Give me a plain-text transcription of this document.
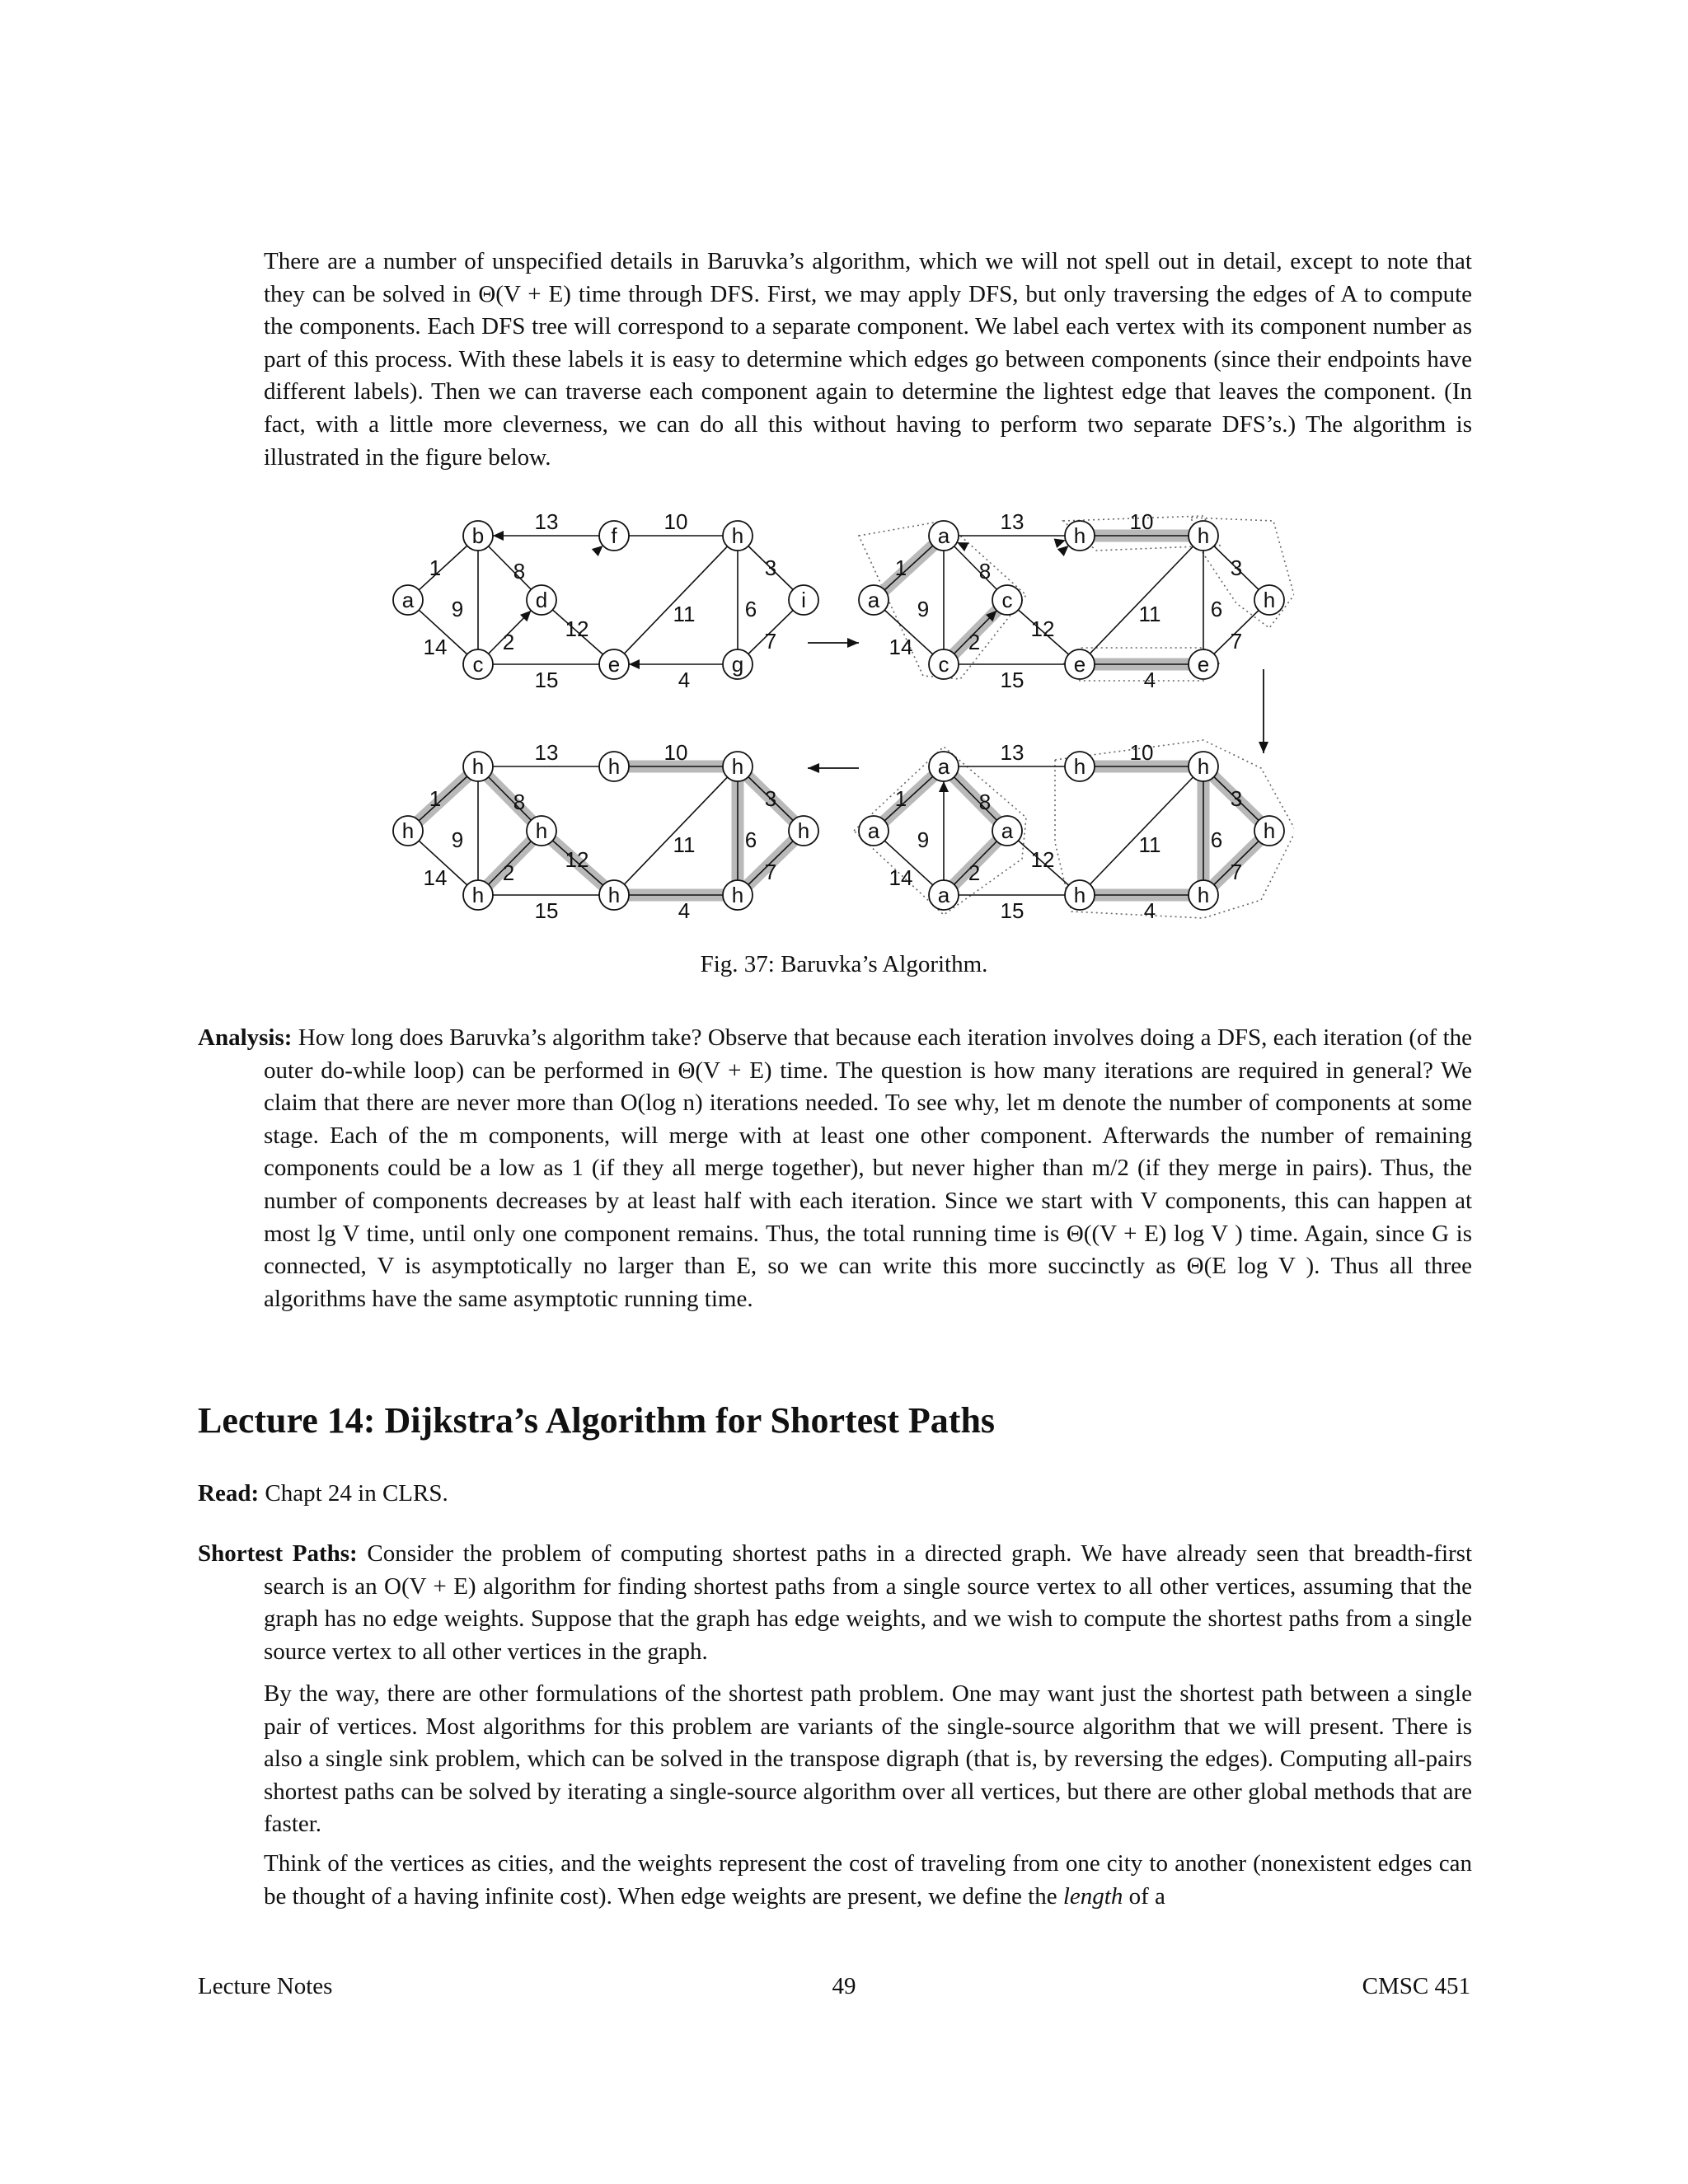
There are a number of unspecified details in Baruvka’s algorithm, which we will not spell out in detail, except to note that they can be solved in Θ(V + E) time through DFS. First, we may apply DFS, but only traversing the edges of A to compute the components. Each DFS tree will correspond to a separate component. We label each vertex with its component number as part of this process. With these labels it is easy to determine which edges go between components (since their endpoints have different labels). Then we can traverse each component again to determine the lightest edge that leaves the component. (In fact, with a little more cleverness, we can do all this without having to perform two separate DFS’s.) The algorithm is illustrated in the figure below.

13	10
1	8	3
9
12
11 6
14	2	7
15	4
b	f	h
a	d	i
c	e	g
13	10
1	8	3
9
12
11 6
14	2	7
15	4
a	h	h
a	c	h
c	e	e
13	10
1	8	3
9
12
11 6
14	2	7
15	4
h	h	h
h	h	h
h	h	h
13	10
1	8	3
9
12
11 6
14	2	7
15	4
a	h	h
a	a	h
a	h	h

Fig. 37: Baruvka’s Algorithm.

Analysis: How long does Baruvka’s algorithm take? Observe that because each iteration involves doing a DFS, each iteration (of the outer do-while loop) can be performed in Θ(V + E) time. The question is how many iterations are required in general? We claim that there are never more than O(log n) iterations needed. To see why, let m denote the number of components at some stage. Each of the m components, will merge with at least one other component. Afterwards the number of remaining components could be a low as 1 (if they all merge together), but never higher than m/2 (if they merge in pairs). Thus, the number of components decreases by at least half with each iteration. Since we start with V components, this can happen at most lg V time, until only one component remains. Thus, the total running time is Θ((V + E) log V ) time. Again, since G is connected, V is asymptotically no larger than E, so we can write this more succinctly as Θ(E log V ). Thus all three algorithms have the same asymptotic running time.

Lecture 14: Dijkstra’s Algorithm for Shortest Paths

Read: Chapt 24 in CLRS.

Shortest Paths: Consider the problem of computing shortest paths in a directed graph. We have already seen that breadth-first search is an O(V + E) algorithm for finding shortest paths from a single source vertex to all other vertices, assuming that the graph has no edge weights. Suppose that the graph has edge weights, and we wish to compute the shortest paths from a single source vertex to all other vertices in the graph.

By the way, there are other formulations of the shortest path problem. One may want just the shortest path between a single pair of vertices. Most algorithms for this problem are variants of the single-source algorithm that we will present. There is also a single sink problem, which can be solved in the transpose digraph (that is, by reversing the edges). Computing all-pairs shortest paths can be solved by iterating a single-source algorithm over all vertices, but there are other global methods that are faster.

Think of the vertices as cities, and the weights represent the cost of traveling from one city to another (nonexistent edges can be thought of a having infinite cost). When edge weights are present, we define the length of a

Lecture Notes	49	CMSC 451
